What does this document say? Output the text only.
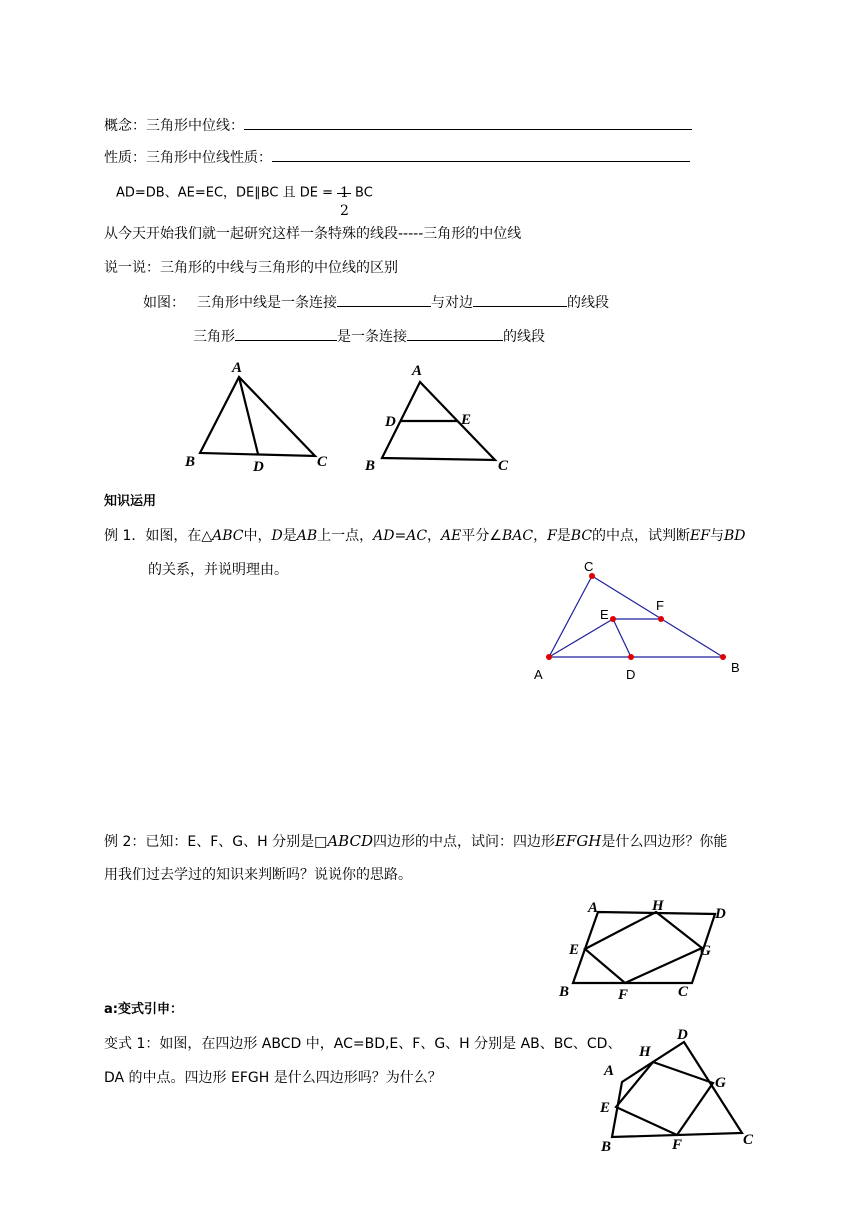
概念：三角形中位线：
性质：三角形中位线性质：
AD=DB、AE=EC，DE∥BC 且 DE = 1
2
BC
从今天开始我们就一起研究这样一条特殊的线段-----三角形的中位线
说一说：三角形的中线与三角形的中位线的区别
如图： 三角形中线是一条连接	与对边	的线段
三角形	是一条连接	的线段
A
B	D	C
A
D	E
B	C
知识运用
例 1．如图，在△ABC中，D是AB上一点，AD=AC，AE平分∠BAC，F是BC的中点，试判断EF与BD
的关系，并说明理由。	C
E
F
A	D	B
例 2：已知：E、F、G、H 分别是□ABCD四边形的中点，试问：四边形EFGH是什么四边形？你能
用我们过去学过的知识来判断吗？说说你的思路。
A	H	D
E	G
B	F	C
a:变式引申：
变式 1：如图，在四边形 ABCD 中，AC=BD,E、F、G、H 分别是 AB、BC、CD、
DA 的中点。四边形 EFGH 是什么四边形吗？为什么？
D
H
A
G
E
B	F	C
